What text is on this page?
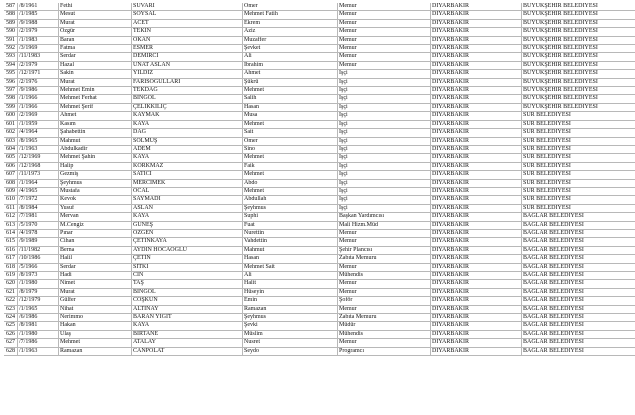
587	/8/1961	Fethi	SÜVARİ	Ömer	Memur	DİYARBAKIR	BÜYÜKŞEHİR BELEDİYESİ
588	/1/1985	Mesut	SOYSAL	Mehmet Fatih	Memur	DİYARBAKIR	BÜYÜKŞEHİR BELEDİYESİ
589	/9/1988	Murat	ACET	Ekrem	Memur	DİYARBAKIR	BÜYÜKŞEHİR BELEDİYESİ
590	/2/1979	Özgür	TEKİN	Aziz	Memur	DİYARBAKIR	BÜYÜKŞEHİR BELEDİYESİ
591	/1/1983	Baran	OKAN	Muzaffer	Memur	DİYARBAKIR	BÜYÜKŞEHİR BELEDİYESİ
592	/3/1969	Fatma	ESMER	Şevket	Memur	DİYARBAKIR	BÜYÜKŞEHİR BELEDİYESİ
593	/11/1983	Serdar	DEMİRCİ	Ali	Memur	DİYARBAKIR	BÜYÜKŞEHİR BELEDİYESİ
594	/2/1979	Hazal	UNAT ASLAN	İbrahim	Memur	DİYARBAKIR	BÜYÜKŞEHİR BELEDİYESİ
595	/12/1971	Sakin	YILDIZ	Ahmet	İşçi	DİYARBAKIR	BÜYÜKŞEHİR BELEDİYESİ
596	/2/1976	Murat	FARISOĞULLARI	Şükrü	İşçi	DİYARBAKIR	BÜYÜKŞEHİR BELEDİYESİ
597	/9/1986	Mehmet Emin	TEKDAĞ	Mehmet	İşçi	DİYARBAKIR	BÜYÜKŞEHİR BELEDİYESİ
598	/1/1966	Mehmet Ferhat	BİNGÖL	Salih	İşçi	DİYARBAKIR	BÜYÜKŞEHİR BELEDİYESİ
599	/1/1966	Mehmet Şerif	ÇELİKKILIÇ	Hasan	İşçi	DİYARBAKIR	BÜYÜKŞEHİR BELEDİYESİ
600	/2/1969	Ahmet	KAYMAK	Musa	İşçi	DİYARBAKIR	SUR BELEDİYESİ
601	/1/1959	Kasım	KAYA	Mehmet	İşçi	DİYARBAKIR	SUR BELEDİYESİ
602	/4/1964	Şahabettin	DAĞ	Sait	İşçi	DİYARBAKIR	SUR BELEDİYESİ
603	/8/1965	Mahmut	SOLMUŞ	Ömer	İşçi	DİYARBAKIR	SUR BELEDİYESİ
604	/1/1963	Abdulkadir	ADEM	Sino	İşçi	DİYARBAKIR	SUR BELEDİYESİ
605	/12/1969	Mehmet Şahin	KAYA	Mehmet	İşçi	DİYARBAKIR	SUR BELEDİYESİ
606	/12/1968	Halip	KORKMAZ	Faik	İşçi	DİYARBAKIR	SUR BELEDİYESİ
607	/11/1973	Gezmiş	SATICI	Mehmet	İşçi	DİYARBAKIR	SUR BELEDİYESİ
608	/1/1964	Şeyhmus	MERCİMEK	Abdo	İşçi	DİYARBAKIR	SUR BELEDİYESİ
609	/4/1965	Mustafa	ÖCAL	Mehmet	İşçi	DİYARBAKIR	SUR BELEDİYESİ
610	/7/1972	Kevok	SAYMADI	Abdullah	İşçi	DİYARBAKIR	SUR BELEDİYESİ
611	/8/1984	Yusuf	ASLAN	Şeyhmus	İşçi	DİYARBAKIR	SUR BELEDİYESİ
612	/7/1981	Mervan	KAYA	Suphi	Başkan Yardımcısı	DİYARBAKIR	BAĞLAR BELEDİYESİ
613	/5/1970	M.Cengiz	GÜNEŞ	Fuat	Mali Hizm.Müd	DİYARBAKIR	BAĞLAR BELEDİYESİ
614	/4/1978	Pınar	ÖZGEN	Nurettin	Memur	DİYARBAKIR	BAĞLAR BELEDİYESİ
615	/9/1989	Cihan	ÇETİNKAYA	Vahdettin	Memur	DİYARBAKIR	BAĞLAR BELEDİYESİ
616	/11/1982	Berna	AYDIN HOCAOĞLU	Mahmut	Şehir Plancısı	DİYARBAKIR	BAĞLAR BELEDİYESİ
617	/10/1986	Halil	ÇETİN	Hasan	Zabıta Memuru	DİYARBAKIR	BAĞLAR BELEDİYESİ
618	/5/1966	Serdar	SITKI	Mehmet Sait	Memur	DİYARBAKIR	BAĞLAR BELEDİYESİ
619	/8/1973	Hadi	CİN	Ali	Mühendis	DİYARBAKIR	BAĞLAR BELEDİYESİ
620	/1/1980	Nimet	TAŞ	Halit	Memur	DİYARBAKIR	BAĞLAR BELEDİYESİ
621	/8/1979	Murat	BİNGÖL	Hüseyin	Memur	DİYARBAKIR	BAĞLAR BELEDİYESİ
622	/12/1979	Gülfer	COŞKUN	Emin	Şoför	DİYARBAKIR	BAĞLAR BELEDİYESİ
623	/1/1965	Nihat	ALTINAY	Ramazan	Memur	DİYARBAKIR	BAĞLAR BELEDİYESİ
624	/6/1986	Nerimmo	BARAN YİĞİT	Şeyhmus	Zabıta Memuru	DİYARBAKIR	BAĞLAR BELEDİYESİ
625	/8/1981	Hakan	KAYA	Şevki	Müdür	DİYARBAKIR	BAĞLAR BELEDİYESİ
626	/1/1980	Ulaş	BİRTANE	Müslim	Mühendis	DİYARBAKIR	BAĞLAR BELEDİYESİ
627	/7/1986	Mehmet	ATALAY	Nusret	Memur	DİYARBAKIR	BAĞLAR BELEDİYESİ
628	/1/1963	Ramazan	CANPOLAT	Seydo	Programcı	DİYARBAKIR	BAĞLAR BELEDİYESİ
